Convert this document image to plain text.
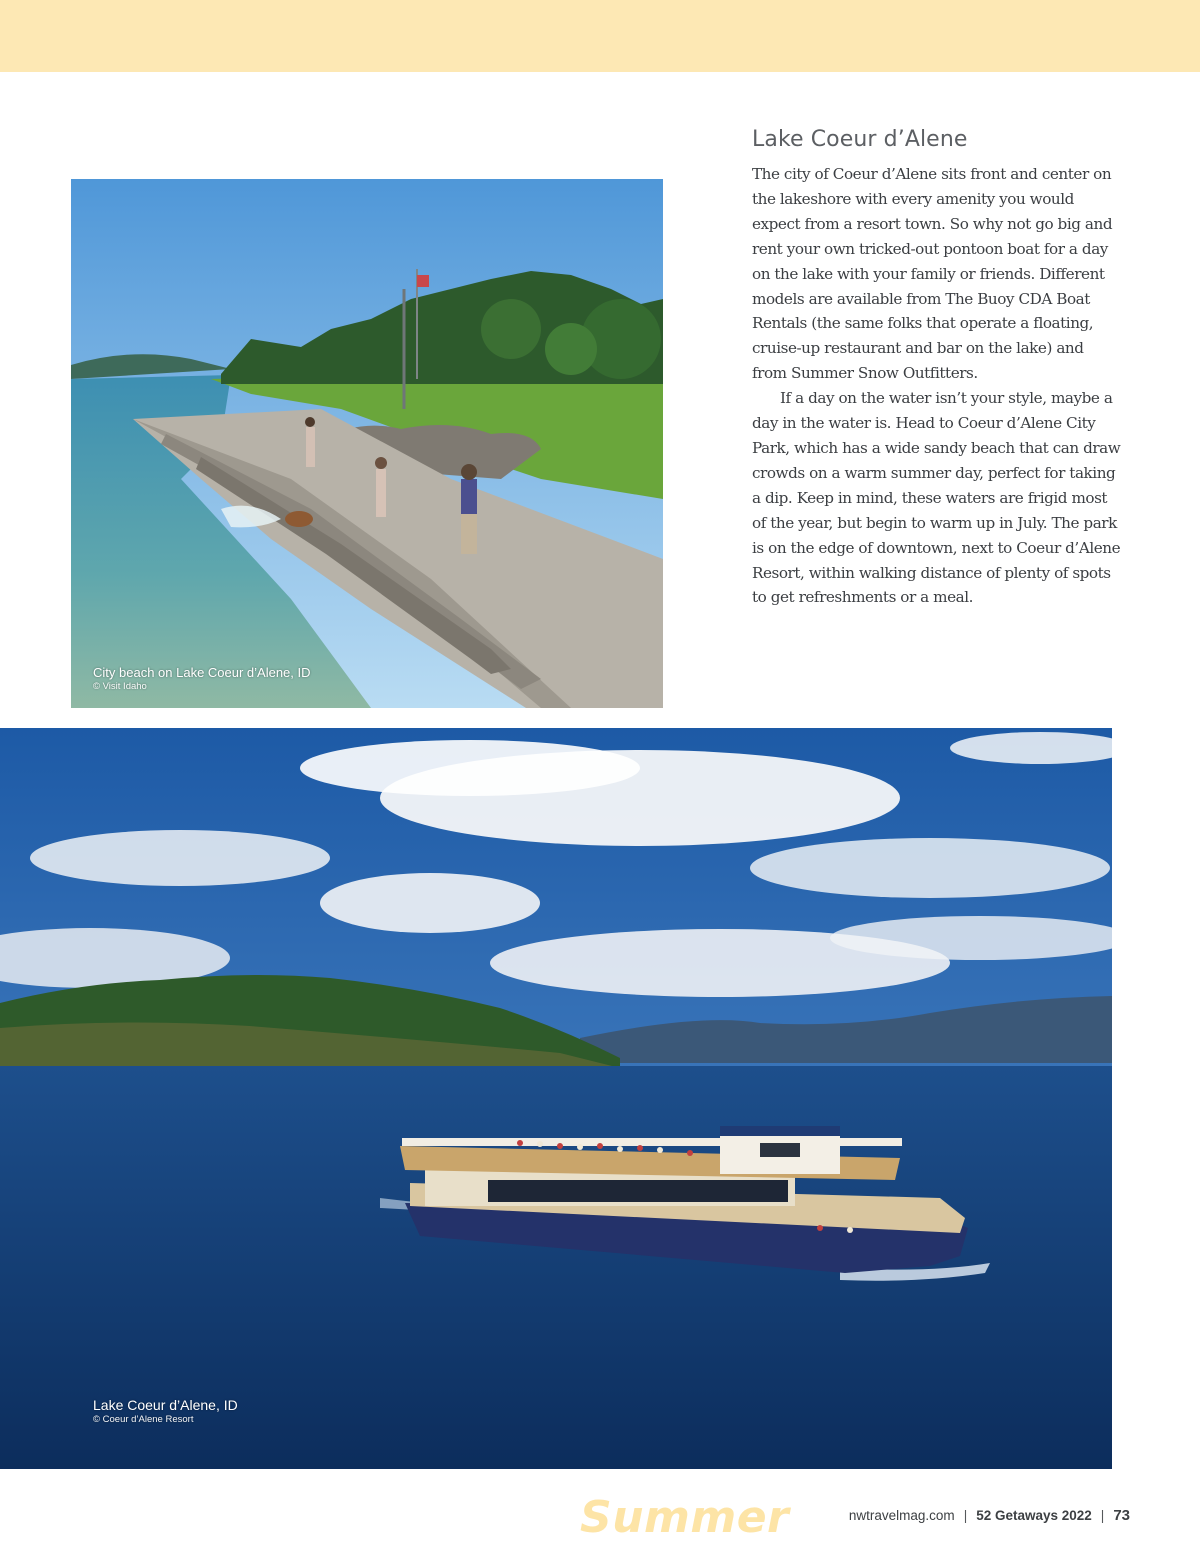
City beach on Lake Coeur d’Alene, ID
© Visit Idaho
Lake Coeur d’Alene

The city of Coeur d’Alene sits front and center on the lakeshore with every amenity you would expect from a resort town. So why not go big and rent your own tricked-out pontoon boat for a day on the lake with your family or friends. Different models are available from The Buoy CDA Boat Rentals (the same folks that operate a floating, cruise-up restaurant and bar on the lake) and from Summer Snow Outfitters.

If a day on the water isn’t your style, maybe a day in the water is. Head to Coeur d’Alene City Park, which has a wide sandy beach that can draw crowds on a warm summer day, perfect for taking a dip. Keep in mind, these waters are frigid most of the year, but begin to warm up in July. The park is on the edge of downtown, next to Coeur d’Alene Resort, within walking distance of plenty of spots to get refreshments or a meal.

Lake Coeur d’Alene, ID
© Coeur d’Alene Resort
Summer	nwtravelmag.com | 52 Getaways 2022 | 73
